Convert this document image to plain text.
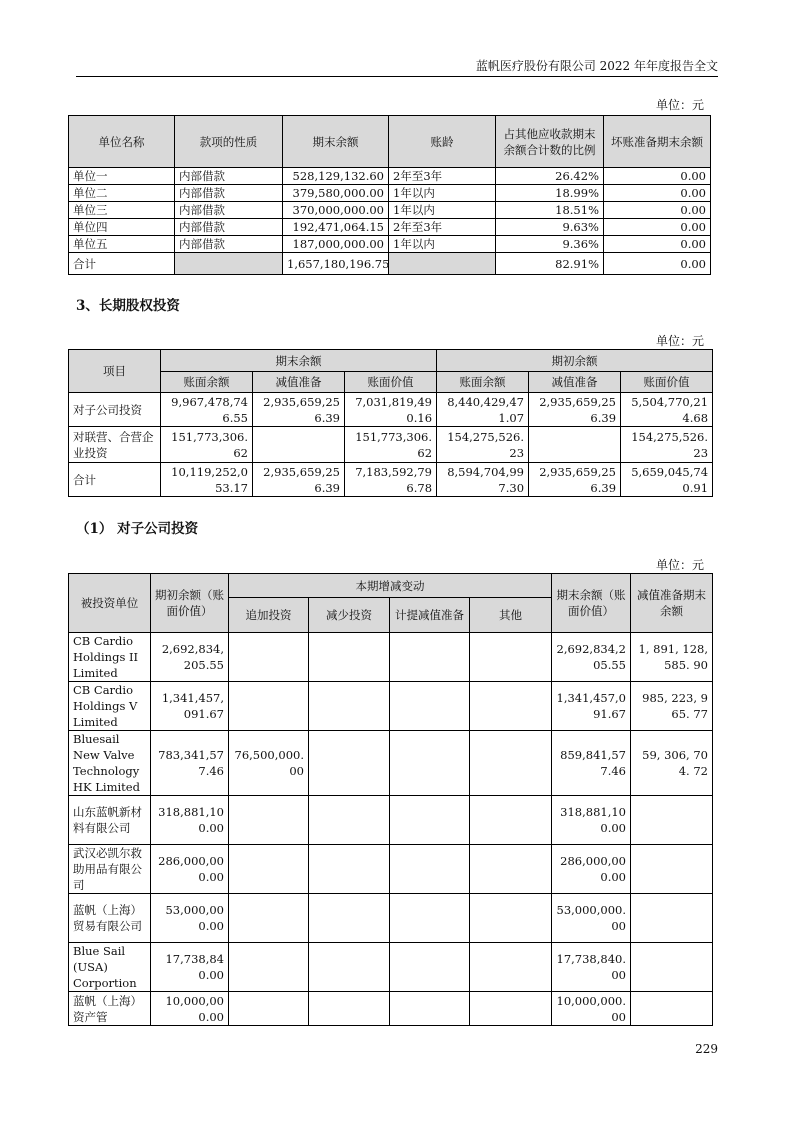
蓝帆医疗股份有限公司 2022 年年度报告全文
单位：元
单位名称	款项的性质	期末余额	账龄	占其他应收款期末余额合计数的比例	坏账准备期末余额
单位一	内部借款	528,129,132.60	2年至3年	26.42%	0.00
单位二	内部借款	379,580,000.00	1年以内	18.99%	0.00
单位三	内部借款	370,000,000.00	1年以内	18.51%	0.00
单位四	内部借款	192,471,064.15	2年至3年	9.63%	0.00
单位五	内部借款	187,000,000.00	1年以内	9.36%	0.00
合计		1,657,180,196.75		82.91%	0.00
3、长期股权投资
单位：元
项目	期末余额			期初余额		
	账面余额	减值准备	账面价值	账面余额	减值准备	账面价值
对子公司投资	9,967,478,746.55	2,935,659,256.39	7,031,819,490.16	8,440,429,471.07	2,935,659,256.39	5,504,770,214.68
对联营、合营企业投资	151,773,306.62		151,773,306.62	154,275,526.23		154,275,526.23
合计	10,119,252,053.17	2,935,659,256.39	7,183,592,796.78	8,594,704,997.30	2,935,659,256.39	5,659,045,740.91
（1） 对子公司投资
单位：元
被投资单位	期初余额（账面价值）	本期增减变动				期末余额（账面价值）	减值准备期末余额
		追加投资	减少投资	计提减值准备	其他		
CB Cardio Holdings II Limited	2,692,834,205.55					2,692,834,205.55	1, 891, 128, 585. 90
CB Cardio Holdings V Limited	1,341,457,091.67					1,341,457,091.67	985, 223, 965. 77
Bluesail New Valve Technology HK Limited	783,341,577.46	76,500,000.00				859,841,577.46	59, 306, 704. 72
山东蓝帆新材料有限公司	318,881,100.00					318,881,100.00	
武汉必凯尔救助用品有限公司	286,000,000.00					286,000,000.00	
蓝帆（上海）贸易有限公司	53,000,000.00					53,000,000.00	
Blue Sail (USA) Corportion	17,738,840.00					17,738,840.00	
蓝帆（上海）资产管	10,000,000.00					10,000,000.00	
229
